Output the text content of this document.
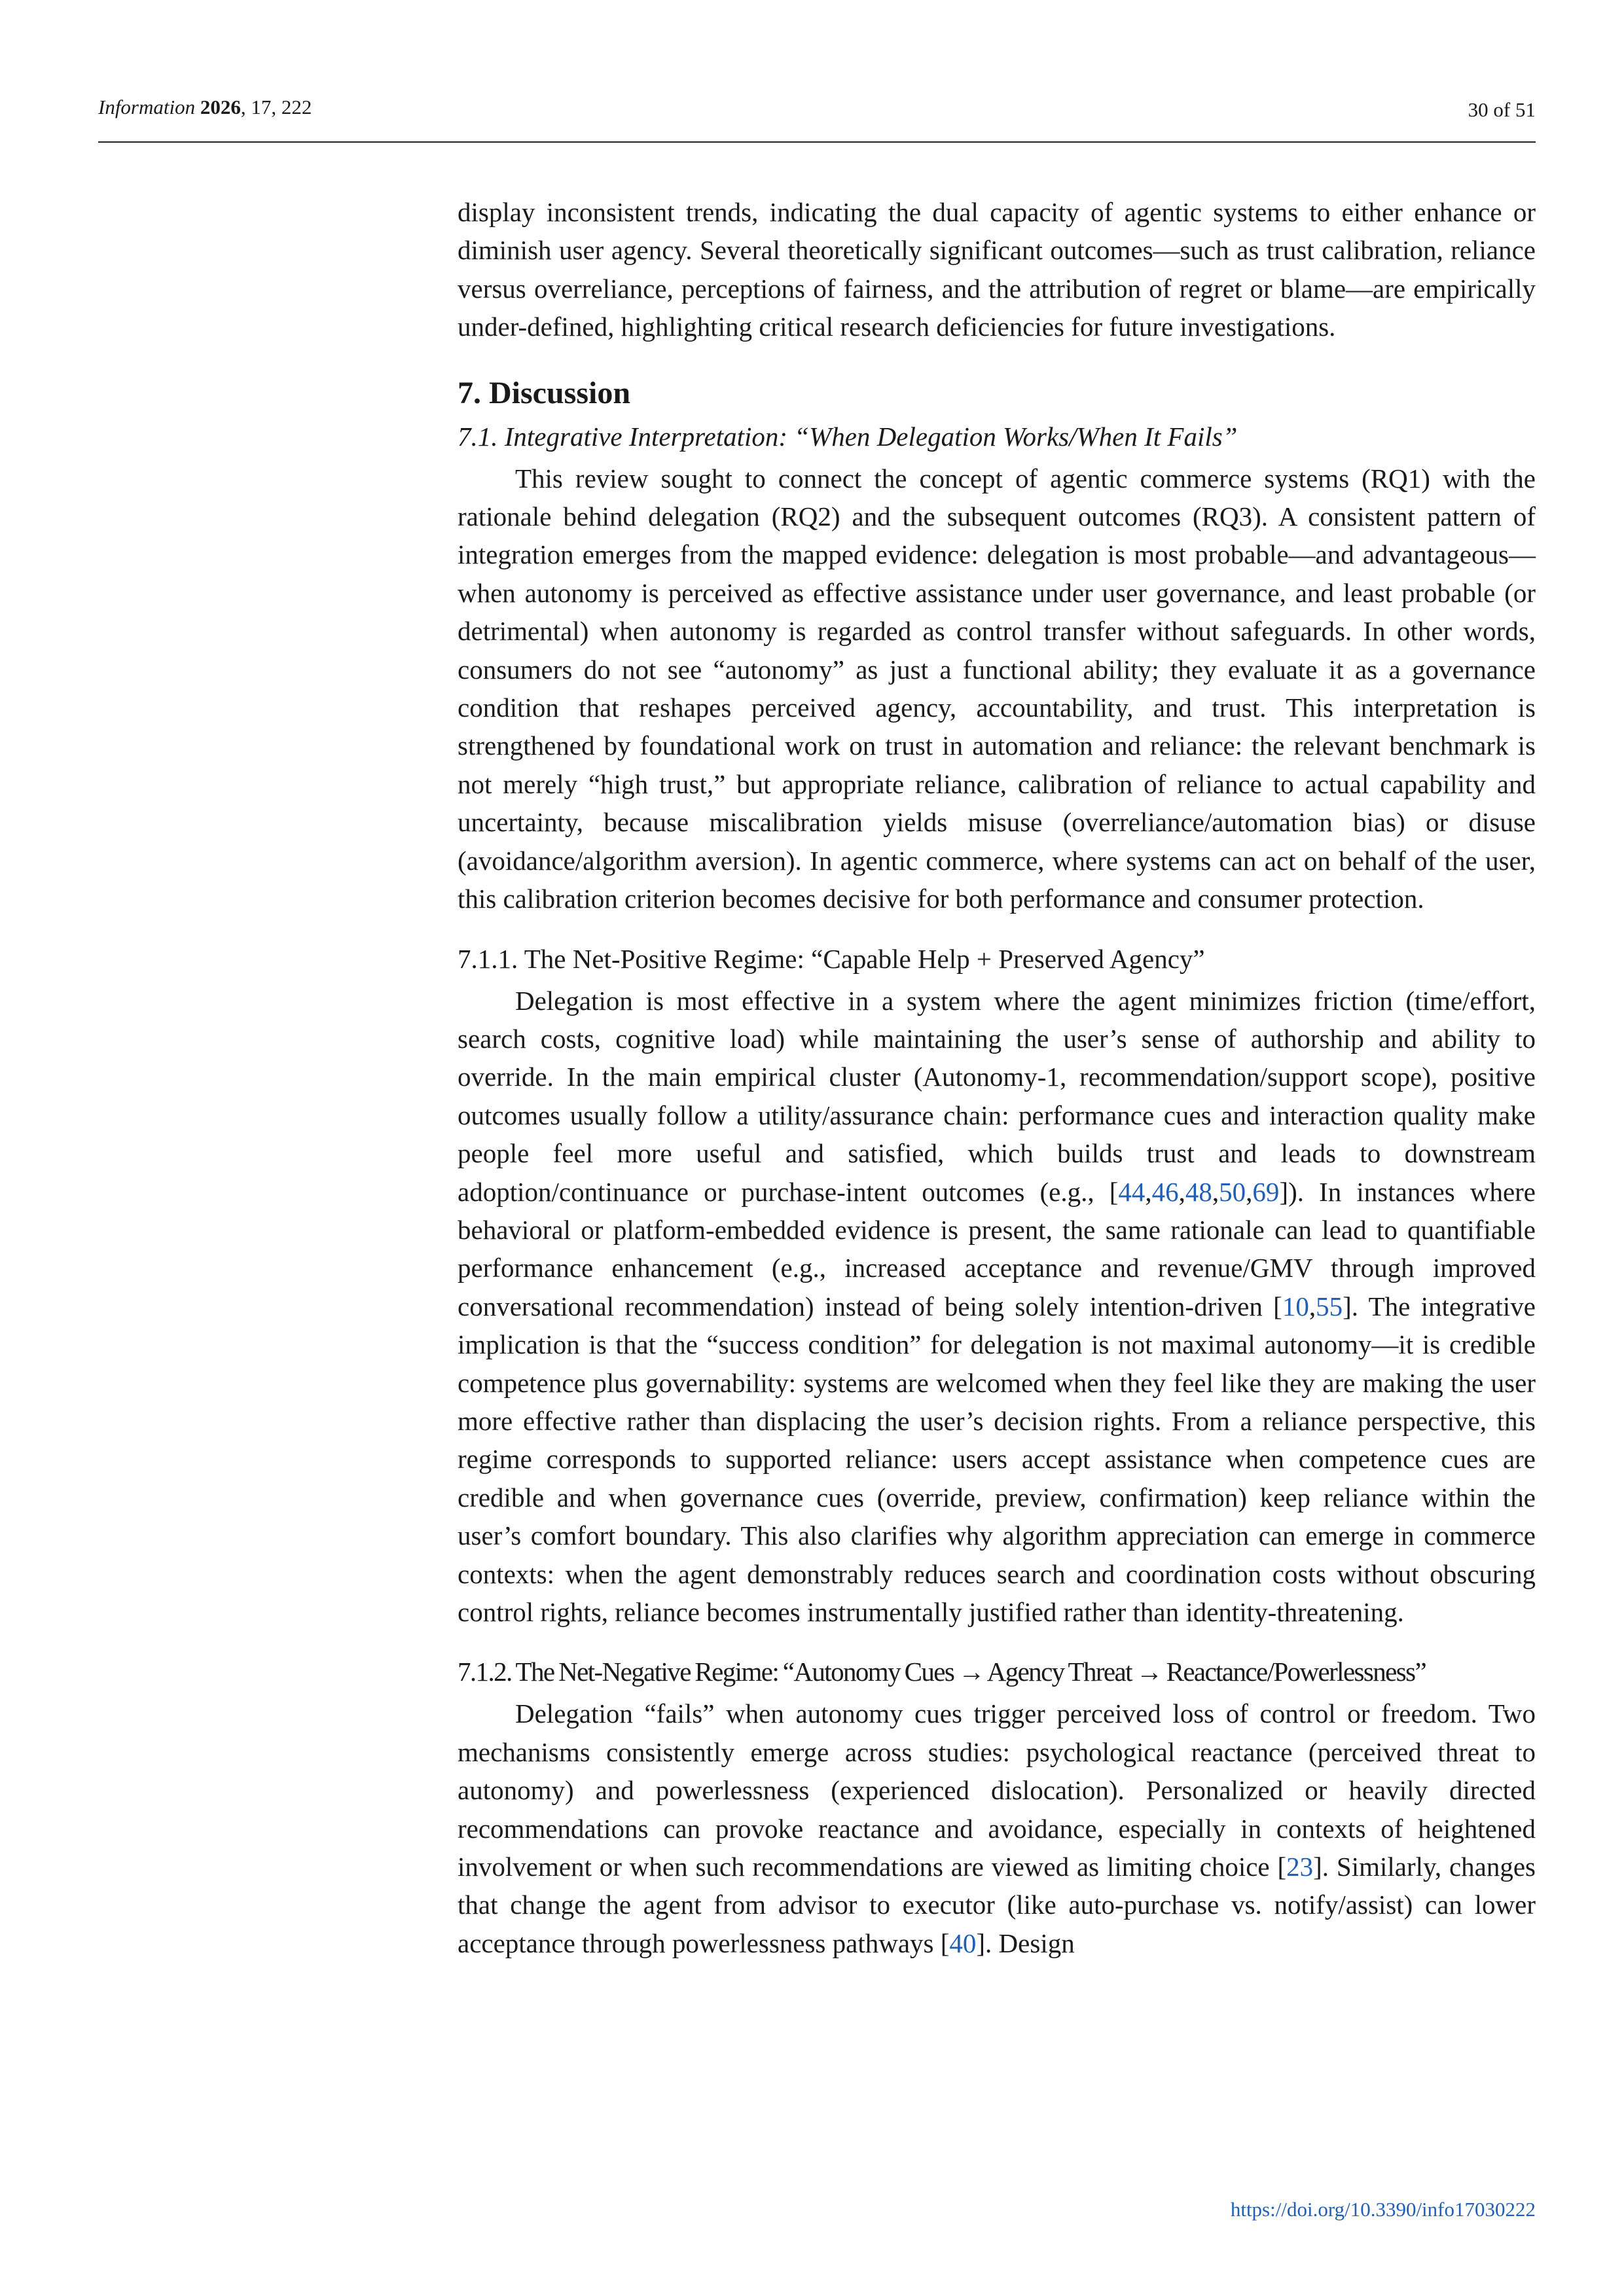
Information 2026, 17, 222	30 of 51

display inconsistent trends, indicating the dual capacity of agentic systems to either enhance or diminish user agency. Several theoretically significant outcomes—such as trust calibration, reliance versus overreliance, perceptions of fairness, and the attribution of regret or blame—are empirically under-defined, highlighting critical research deficiencies for future investigations.

7. Discussion
7.1. Integrative Interpretation: “When Delegation Works/When It Fails”

This review sought to connect the concept of agentic commerce systems (RQ1) with the rationale behind delegation (RQ2) and the subsequent outcomes (RQ3). A consistent pattern of integration emerges from the mapped evidence: delegation is most probable—and advantageous—when autonomy is perceived as effective assistance under user governance, and least probable (or detrimental) when autonomy is regarded as control transfer without safeguards. In other words, consumers do not see “autonomy” as just a functional ability; they evaluate it as a governance condition that reshapes perceived agency, accountability, and trust. This interpretation is strengthened by foundational work on trust in automation and reliance: the relevant benchmark is not merely “high trust,” but appropriate reliance, calibration of reliance to actual capability and uncertainty, because miscalibration yields misuse (overreliance/automation bias) or disuse (avoidance/algorithm aversion). In agentic commerce, where systems can act on behalf of the user, this calibration criterion becomes decisive for both performance and consumer protection.

7.1.1. The Net-Positive Regime: “Capable Help + Preserved Agency”

Delegation is most effective in a system where the agent minimizes friction (time/effort, search costs, cognitive load) while maintaining the user’s sense of authorship and ability to override. In the main empirical cluster (Autonomy-1, recommendation/support scope), positive outcomes usually follow a utility/assurance chain: performance cues and interaction quality make people feel more useful and satisfied, which builds trust and leads to downstream adoption/continuance or purchase-intent outcomes (e.g., [44,46,48,50,69]). In instances where behavioral or platform-embedded evidence is present, the same rationale can lead to quantifiable performance enhancement (e.g., increased acceptance and revenue/GMV through improved conversational recommendation) instead of being solely intention-driven [10,55]. The integrative implication is that the “success condition” for delegation is not maximal autonomy—it is credible competence plus governability: systems are welcomed when they feel like they are making the user more effective rather than displacing the user’s decision rights. From a reliance perspective, this regime corresponds to supported reliance: users accept assistance when competence cues are credible and when governance cues (override, preview, confirmation) keep reliance within the user’s comfort boundary. This also clarifies why algorithm appreciation can emerge in commerce contexts: when the agent demonstrably reduces search and coordination costs without obscuring control rights, reliance becomes instrumentally justified rather than identity-threatening.

7.1.2. The Net-Negative Regime: “Autonomy Cues → Agency Threat → Reactance/Powerlessness”

Delegation “fails” when autonomy cues trigger perceived loss of control or freedom. Two mechanisms consistently emerge across studies: psychological reactance (perceived threat to autonomy) and powerlessness (experienced dislocation). Personalized or heavily directed recommendations can provoke reactance and avoidance, especially in contexts of heightened involvement or when such recommendations are viewed as limiting choice [23]. Similarly, changes that change the agent from advisor to executor (like auto-purchase vs. notify/assist) can lower acceptance through powerlessness pathways [40]. Design

https://doi.org/10.3390/info17030222
